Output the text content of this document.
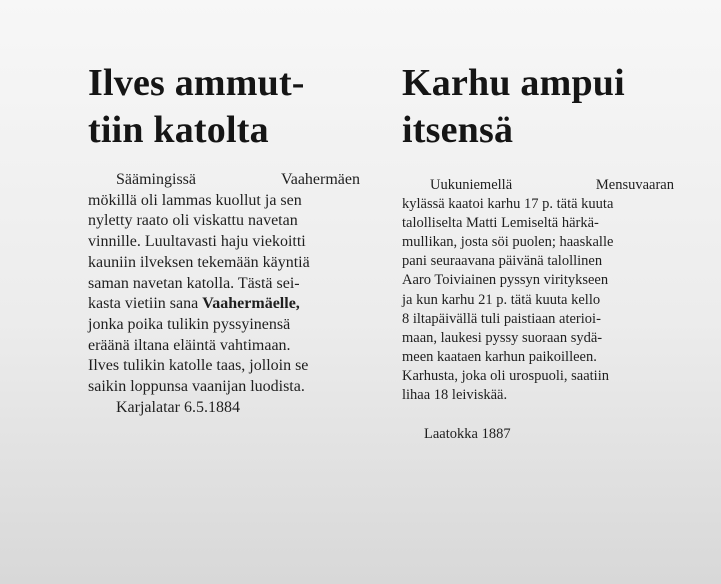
Ilves ammut-
tiin katolta
Säämingissä	Vaahermäen
mökillä oli lammas kuollut ja sen
nyletty raato oli viskattu navetan
vinnille. Luultavasti haju viekoitti
kauniin ilveksen tekemään käyntiä
saman navetan katolla. Tästä sei-
kasta vietiin sana Vaahermäelle,
jonka poika tulikin pyssyinensä
eräänä iltana eläintä vahtimaan.
Ilves tulikin katolle taas, jolloin se
saikin loppunsa vaanijan luodista.
Karjalatar 6.5.1884
Karhu ampui
itsensä
Uukuniemellä	Mensuvaaran
kylässä kaatoi karhu 17 p. tätä kuuta
talolliselta Matti Lemiseltä härkä-
mullikan, josta söi puolen; haaskalle
pani seuraavana päivänä talollinen
Aaro Toiviainen pyssyn viritykseen
ja kun karhu 21 p. tätä kuuta kello
8 iltapäivällä tuli paistiaan aterioi-
maan, laukesi pyssy suoraan sydä-
meen kaataen karhun paikoilleen.
Karhusta, joka oli urospuoli, saatiin
lihaa 18 leiviskää.
Laatokka 1887
